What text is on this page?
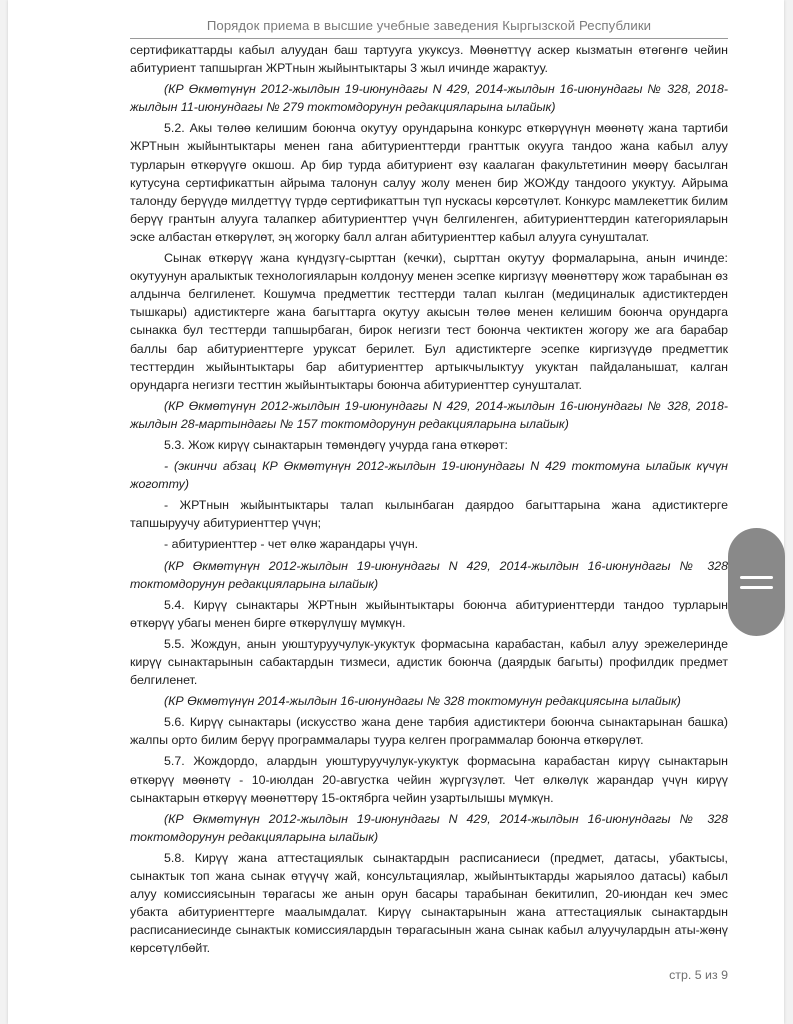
Порядок приема в высшие учебные заведения Кыргызской Республики

сертификаттарды кабыл алуудан баш тартууга укуксуз. Мөөнөттүү аскер кызматын өтөгөнгө чейин абитуриент тапшырган ЖРТнын жыйынтыктары 3 жыл ичинде жарактуу.

(КР Өкмөтүнүн 2012-жылдын 19-июнундагы N 429, 2014-жылдын 16-июнундагы № 328, 2018-жылдын 11-июнундагы № 279 токтомдорунун редакцияларына ылайык)

5.2. Акы төлөө келишим боюнча окутуу орундарына конкурс өткөрүүнүн мөөнөтү жана тартиби ЖРТнын жыйынтыктары менен гана абитуриенттерди гранттык окууга тандоо жана кабыл алуу турларын өткөрүүгө окшош. Ар бир турда абитуриент өзү каалаган факультетинин мөөрү басылган кутусуна сертификаттын айрыма талонун салуу жолу менен бир ЖОЖду тандоого укуктуу. Айрыма талонду берүүдө милдеттүү түрдө сертификаттын түп нускасы көрсөтүлөт. Конкурс мамлекеттик билим берүү грантын алууга талапкер абитуриенттер үчүн белгиленген, абитуриенттердин категорияларын эске албастан өткөрүлөт, эң жогорку балл алган абитуриенттер кабыл алууга сунушталат.

Сынак өткөрүү жана күндүзгү-сырттан (кечки), сырттан окутуу формаларына, анын ичинде: окутуунун аралыктык технологияларын колдонуу менен эсепке киргизүү мөөнөттөрү жож тарабынан өз алдынча белгиленет. Кошумча предметтик тесттерди талап кылган (медициналык адистиктерден тышкары) адистиктерге жана багыттарга окутуу акысын төлөө менен келишим боюнча орундарга сынакка бул тесттерди тапшырбаган, бирок негизги тест боюнча чектиктен жогору же ага барабар баллы бар абитуриенттерге уруксат берилет. Бул адистиктерге эсепке киргизүүдө предметтик тесттердин жыйынтыктары бар абитуриенттер артыкчылыктуу укуктан пайдаланышат, калган орундарга негизги тесттин жыйынтыктары боюнча абитуриенттер сунушталат.

(КР Өкмөтүнүн 2012-жылдын 19-июнундагы N 429, 2014-жылдын 16-июнундагы № 328, 2018-жылдын 28-мартындагы № 157 токтомдорунун редакцияларына ылайык)

5.3. Жож кирүү сынактарын төмөндөгү учурда гана өткөрөт:

- (экинчи абзац КР Өкмөтүнүн 2012-жылдын 19-июнундагы N 429 токтомуна ылайык күчүн жоготту)

- ЖРТнын жыйынтыктары талап кылынбаган даярдоо багыттарына жана адистиктерге тапшыруучу абитуриенттер үчүн;

- абитуриенттер - чет өлкө жарандары үчүн.

(КР Өкмөтүнүн 2012-жылдын 19-июнундагы N 429, 2014-жылдын 16-июнундагы № 328 токтомдорунун редакцияларына ылайык)

5.4. Кирүү сынактары ЖРТнын жыйынтыктары боюнча абитуриенттерди тандоо турларын өткөрүү убагы менен бирге өткөрүлүшү мүмкүн.

5.5. Жождун, анын уюштуруучулук-укуктук формасына карабастан, кабыл алуу эрежелеринде кирүү сынактарынын сабактардын тизмеси, адистик боюнча (даярдык багыты) профилдик предмет белгиленет.

(КР Өкмөтүнүн 2014-жылдын 16-июнундагы № 328 токтомунун редакциясына ылайык)

5.6. Кирүү сынактары (искусство жана дене тарбия адистиктери боюнча сынактарынан башка) жалпы орто билим берүү программалары туура келген программалар боюнча өткөрүлөт.

5.7. Жождордо, алардын уюштуруучулук-укуктук формасына карабастан кирүү сынактарын өткөрүү мөөнөтү - 10-июлдан 20-августка чейин жүргүзүлөт. Чет өлкөлүк жарандар үчүн кирүү сынактарын өткөрүү мөөнөттөрү 15-октябрга чейин узартылышы мүмкүн.

(КР Өкмөтүнүн 2012-жылдын 19-июнундагы N 429, 2014-жылдын 16-июнундагы № 328 токтомдорунун редакцияларына ылайык)

5.8. Кирүү жана аттестациялык сынактардын расписаниеси (предмет, датасы, убактысы, сынактык топ жана сынак өтүүчү жай, консультациялар, жыйынтыктарды жарыялоо датасы) кабыл алуу комиссиясынын төрагасы же анын орун басары тарабынан бекитилип, 20-июндан кеч эмес убакта абитуриенттерге маалымдалат. Кирүү сынактарынын жана аттестациялык сынактардын расписаниесинде сынактык комиссиялардын төрагасынын жана сынак кабыл алуучулардын аты-жөнү көрсөтүлбөйт.

стр. 5 из 9
